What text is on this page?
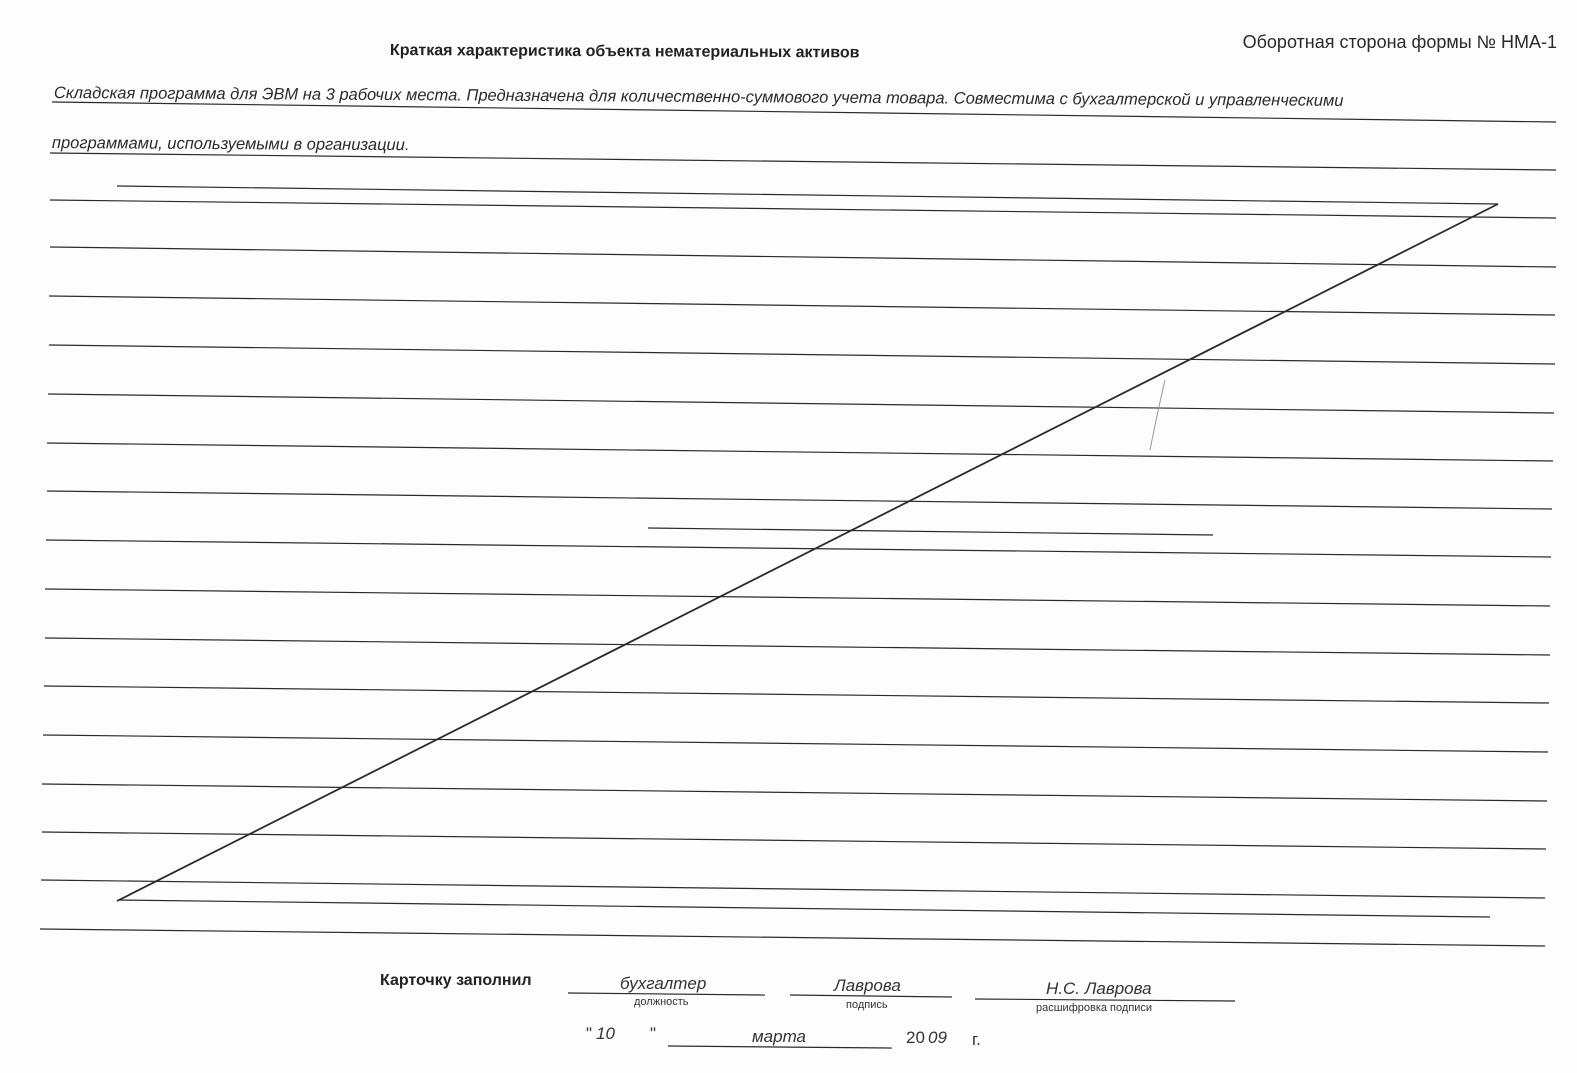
Оборотная сторона формы № НМА-1
Краткая характеристика объекта нематериальных активов
Складская программа для ЭВМ на 3 рабочих места. Предназначена для количественно-суммового учета товара. Совместима с бухгалтерской и управленческими
программами, используемыми в организации.
Карточку заполнил	бухгалтер
должность
Лаврова
подпись
Н.С. Лаврова
расшифровка подписи
" 10 "	марта	20 09 г.
